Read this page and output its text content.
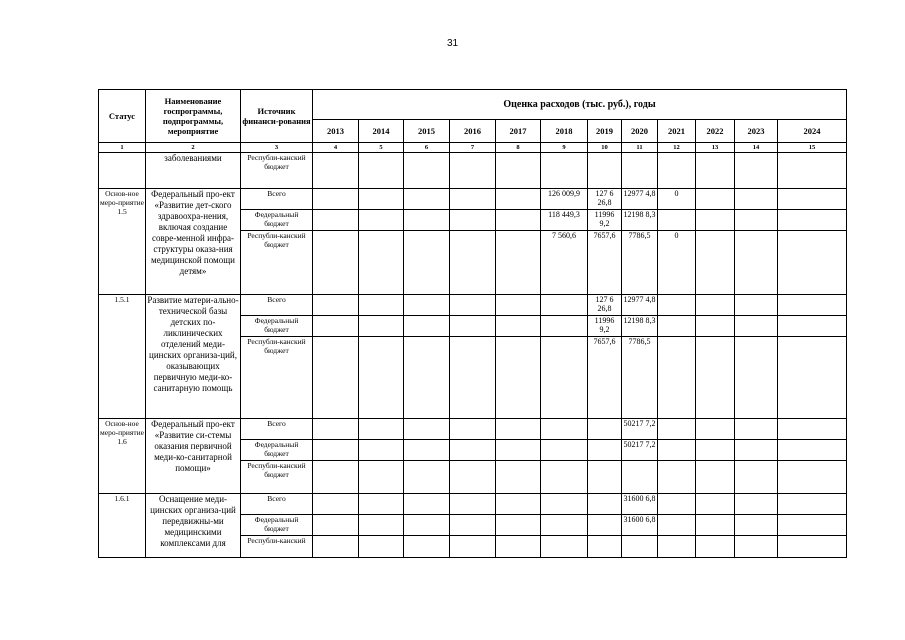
31
Статус	Наименование госпрограммы, подпрограммы, мероприятие	Источник финанси-рования	Оценка расходов (тыс. руб.), годы											
			2013	2014	2015	2016	2017	2018	2019	2020	2021	2022	2023	2024
1	2	3	4	5	6	7	8	9	10	11	12	13	14	15
	заболеваниями	Республи-канский бюджет												
Основ-ное меро-приятие 1.5	Федеральный про-ект «Развитие дет-ского здравоохра-нения, включая создание совре-менной инфра-структуры оказа-ния медицинской помощи детям»	Всего						126 009,9	127 6 26,8	12977 4,8	0			
		Федеральный бюджет						118 449,3	11996 9,2	12198 8,3				
		Республи-канский бюджет						7 560,6	7657,6	7786,5	0			
1.5.1	Развитие матери-ально-технической базы детских по-ликлинических отделений меди-цинских организа-ций, оказывающих первичную меди-ко-санитарную помощь	Всего							127 6 26,8	12977 4,8				
		Федеральный бюджет							11996 9,2	12198 8,3				
		Республи-канский бюджет							7657,6	7786,5				
Основ-ное меро-приятие 1.6	Федеральный про-ект «Развитие си-стемы оказания первичной меди-ко-санитарной помощи»	Всего								50217 7,2				
		Федеральный бюджет								50217 7,2				
		Республи-канский бюджет												
1.6.1	Оснащение меди-цинских организа-ций передвижны-ми медицинскими комплексами для	Всего								31600 6,8				
		Федеральный бюджет								31600 6,8				
		Республи-канский												
